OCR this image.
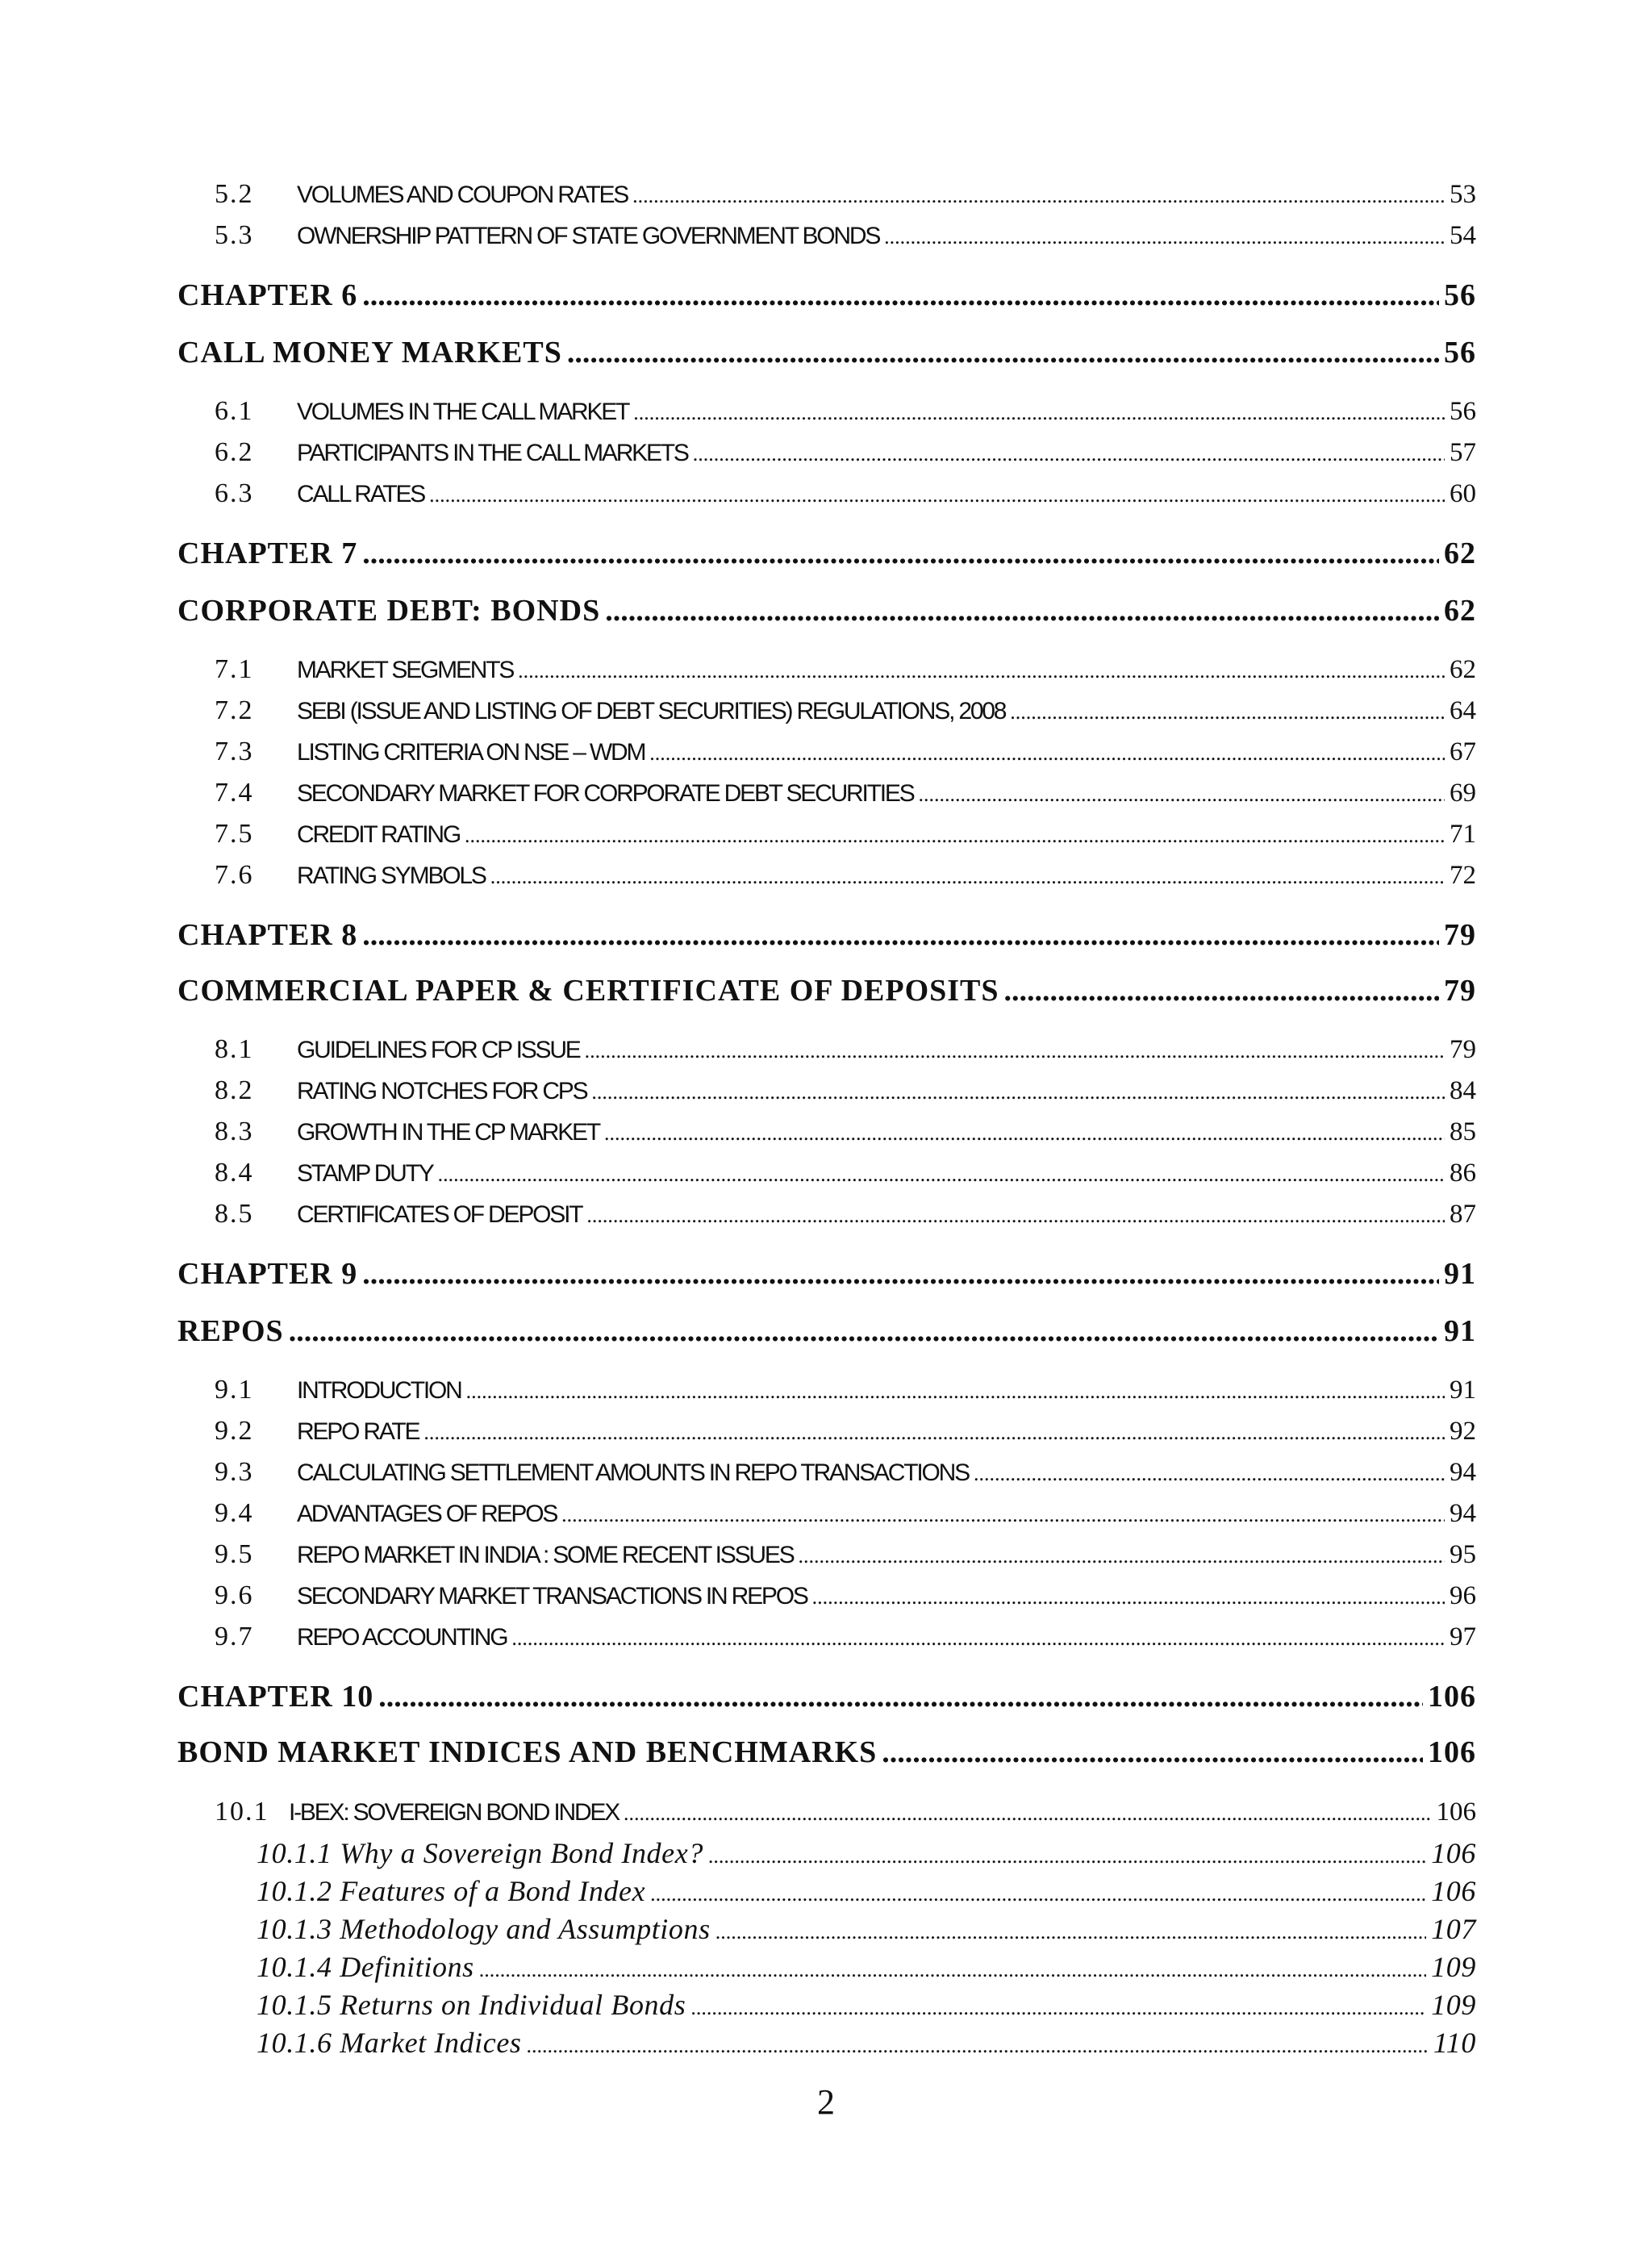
5.2	VOLUMES AND COUPON RATES .....	53
5.3	OWNERSHIP PATTERN OF STATE GOVERNMENT BONDS .....	54
CHAPTER 6 .....	56
CALL MONEY MARKETS .....	56
6.1	VOLUMES IN THE CALL MARKET .....	56
6.2	PARTICIPANTS IN THE CALL MARKETS .....	57
6.3	CALL RATES .....	60
CHAPTER 7 .....	62
CORPORATE DEBT: BONDS .....	62
7.1	MARKET SEGMENTS .....	62
7.2	SEBI (ISSUE AND LISTING OF DEBT SECURITIES) REGULATIONS, 2008 .....	64
7.3	LISTING CRITERIA ON NSE – WDM .....	67
7.4	SECONDARY MARKET FOR CORPORATE DEBT SECURITIES .....	69
7.5	CREDIT RATING .....	71
7.6	RATING SYMBOLS .....	72
CHAPTER 8 .....	79
COMMERCIAL PAPER & CERTIFICATE OF DEPOSITS .....	79
8.1	GUIDELINES FOR CP ISSUE .....	79
8.2	RATING NOTCHES FOR CPS .....	84
8.3	GROWTH IN THE CP MARKET .....	85
8.4	STAMP DUTY .....	86
8.5	CERTIFICATES OF DEPOSIT .....	87
CHAPTER 9 .....	91
REPOS .....	91
9.1	INTRODUCTION .....	91
9.2	REPO RATE .....	92
9.3	CALCULATING SETTLEMENT AMOUNTS IN REPO TRANSACTIONS .....	94
9.4	ADVANTAGES OF REPOS .....	94
9.5	REPO MARKET IN INDIA : SOME RECENT ISSUES .....	95
9.6	SECONDARY MARKET TRANSACTIONS IN REPOS .....	96
9.7	REPO ACCOUNTING .....	97
CHAPTER 10 .....	106
BOND MARKET INDICES AND BENCHMARKS .....	106
10.1 I-BEX: SOVEREIGN BOND INDEX .....	106
10.1.1 Why a Sovereign Bond Index? .....	106
10.1.2 Features of a Bond Index .....	106
10.1.3 Methodology and Assumptions .....	107
10.1.4 Definitions .....	109
10.1.5 Returns on Individual Bonds .....	109
10.1.6 Market Indices .....	110
2
